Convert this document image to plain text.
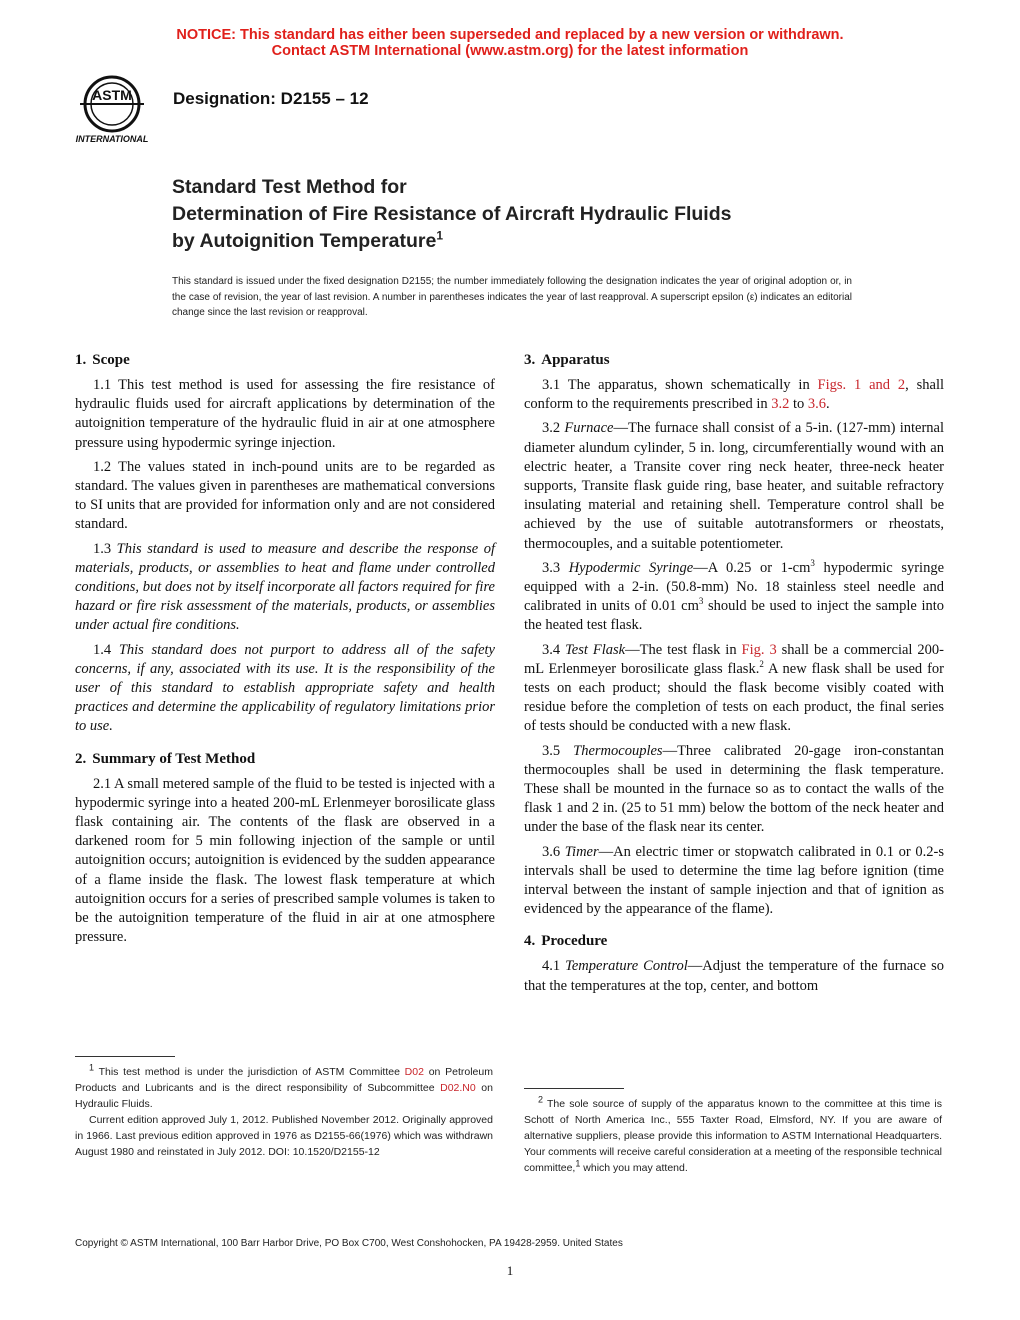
NOTICE: This standard has either been superseded and replaced by a new version or withdrawn.
Contact ASTM International (www.astm.org) for the latest information
ASTM
INTERNATIONAL
Designation: D2155 – 12
Standard Test Method for
Determination of Fire Resistance of Aircraft Hydraulic Fluids
by Autoignition Temperature$^1$
This standard is issued under the fixed designation D2155; the number immediately following the designation indicates the year of original adoption or, in the case of revision, the year of last revision. A number in parentheses indicates the year of last reapproval. A superscript epsilon (ε) indicates an editorial change since the last revision or reapproval.
1. Scope

1.1 This test method is used for assessing the fire resistance of hydraulic fluids used for aircraft applications by determination of the autoignition temperature of the hydraulic fluid in air at one atmosphere pressure using hypodermic syringe injection.

1.2 The values stated in inch-pound units are to be regarded as standard. The values given in parentheses are mathematical conversions to SI units that are provided for information only and are not considered standard.

1.3 This standard is used to measure and describe the response of materials, products, or assemblies to heat and flame under controlled conditions, but does not by itself incorporate all factors required for fire hazard or fire risk assessment of the materials, products, or assemblies under actual fire conditions.

1.4 This standard does not purport to address all of the safety concerns, if any, associated with its use. It is the responsibility of the user of this standard to establish appropriate safety and health practices and determine the applicability of regulatory limitations prior to use.

2. Summary of Test Method

2.1 A small metered sample of the fluid to be tested is injected with a hypodermic syringe into a heated 200-mL Erlenmeyer borosilicate glass flask containing air. The contents of the flask are observed in a darkened room for 5 min following injection of the sample or until autoignition occurs; autoignition is evidenced by the sudden appearance of a flame inside the flask. The lowest flask temperature at which autoignition occurs for a series of prescribed sample volumes is taken to be the autoignition temperature of the fluid in air at one atmosphere pressure.

3. Apparatus

3.1 The apparatus, shown schematically in Figs. 1 and 2, shall conform to the requirements prescribed in 3.2 to 3.6.

3.2 Furnace—The furnace shall consist of a 5-in. (127-mm) internal diameter alundum cylinder, 5 in. long, circumferentially wound with an electric heater, a Transite cover ring neck heater, three-neck heater supports, Transite flask guide ring, base heater, and suitable refractory insulating material and retaining shell. Temperature control shall be achieved by the use of suitable autotransformers or rheostats, thermocouples, and a suitable potentiometer.

3.3 Hypodermic Syringe—A 0.25 or $1-cm^3$ hypodermic syringe equipped with a 2-in. (50.8-mm) No. 18 stainless steel needle and calibrated in units of 0.01 $cm^3$ should be used to inject the sample into the heated test flask.

3.4 Test Flask—The test flask in Fig. 3 shall be a commercial 200-mL Erlenmeyer borosilicate glass flask.$^2$ A new flask shall be used for tests on each product; should the flask become visibly coated with residue before the completion of tests on each product, the final series of tests should be conducted with a new flask.

3.5 Thermocouples—Three calibrated 20-gage iron-constantan thermocouples shall be used in determining the flask temperature. These shall be mounted in the furnace so as to contact the walls of the flask 1 and 2 in. (25 to 51 mm) below the bottom of the neck heater and under the base of the flask near its center.

3.6 Timer—An electric timer or stopwatch calibrated in 0.1 or 0.2-s intervals shall be used to determine the time lag before ignition (time interval between the instant of sample injection and that of ignition as evidenced by the appearance of the flame).

4. Procedure

4.1 Temperature Control—Adjust the temperature of the furnace so that the temperatures at the top, center, and bottom

$^1$ This test method is under the jurisdiction of ASTM Committee D02 on Petroleum Products and Lubricants and is the direct responsibility of Subcommittee D02.N0 on Hydraulic Fluids.

Current edition approved July 1, 2012. Published November 2012. Originally approved in 1966. Last previous edition approved in 1976 as D2155-66(1976) which was withdrawn August 1980 and reinstated in July 2012. DOI: 10.1520/D2155-12

$^2$ The sole source of supply of the apparatus known to the committee at this time is Schott of North America Inc., 555 Taxter Road, Elmsford, NY. If you are aware of alternative suppliers, please provide this information to ASTM International Headquarters. Your comments will receive careful consideration at a meeting of the responsible technical committee,$^1$ which you may attend.

Copyright © ASTM International, 100 Barr Harbor Drive, PO Box C700, West Conshohocken, PA 19428-2959. United States
1
